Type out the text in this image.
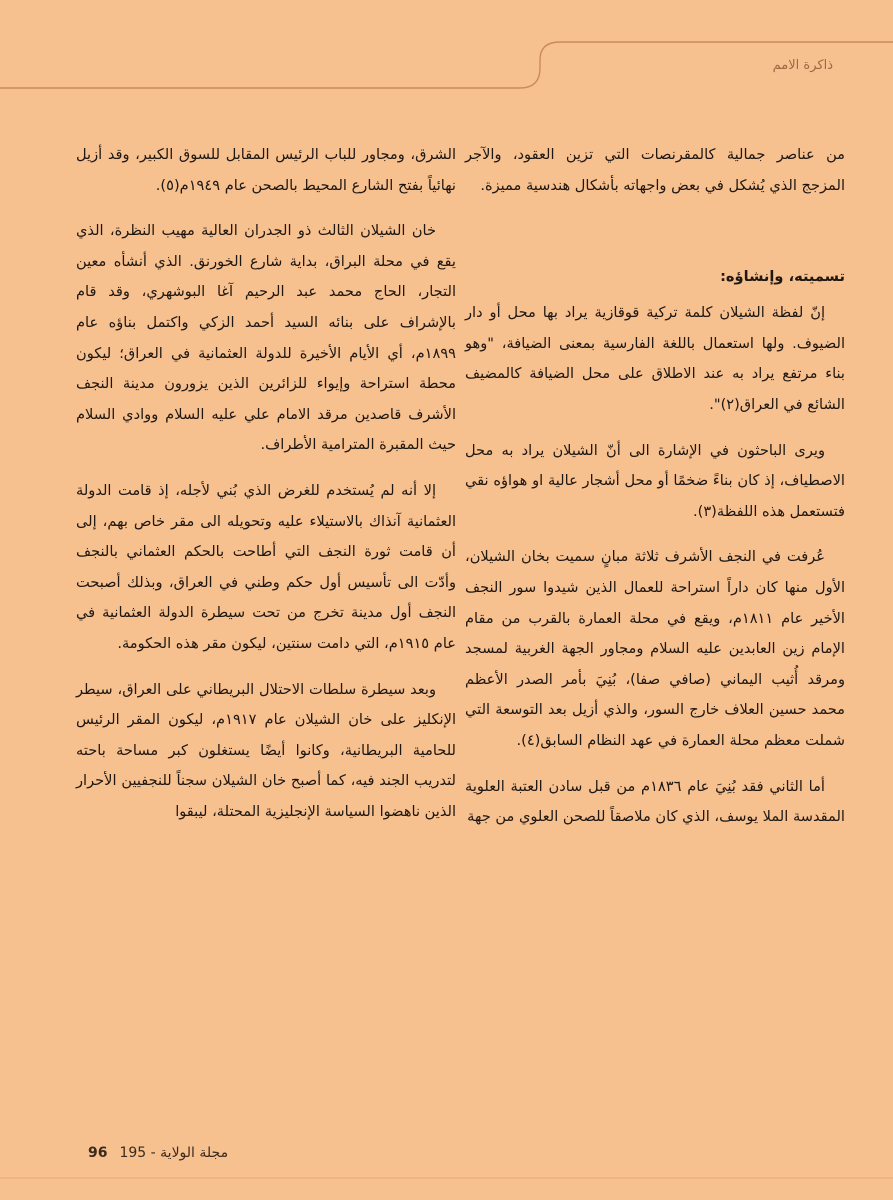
ذاكرة الامم

من عناصر جمالية كالمقرنصات التي تزين العقود، والآجر المزجج الذي يُشكل في بعض واجهاته بأشكال هندسية مميزة.

تسميته، وإنشاؤه:

إنّ لفظة الشيلان كلمة تركية قوقازية يراد بها محل أو دار الضيوف. ولها استعمال باللغة الفارسية بمعنى الضيافة، "وهو بناء مرتفع يراد به عند الاطلاق على محل الضيافة كالمضيف الشائع في العراق(٢)".

ويرى الباحثون في الإشارة الى أنّ الشيلان يراد به محل الاصطياف، إذ كان بناءً ضخمًا أو محل أشجار عالية او هواؤه نقي فتستعمل هذه اللفظة(٣).

عُرفت في النجف الأشرف ثلاثة مبانٍ سميت بخان الشيلان، الأول منها كان داراً استراحة للعمال الذين شيدوا سور النجف الأخير عام ١٨١١م، ويقع في محلة العمارة بالقرب من مقام الإمام زين العابدين عليه السلام ومجاور الجهة الغربية لمسجد ومرقد أُثيب اليماني (صافي صفا)، بُنِيَ بأمر الصدر الأعظم محمد حسين العلاف خارج السور، والذي أزيل بعد التوسعة التي شملت معظم محلة العمارة في عهد النظام السابق(٤).

أما الثاني فقد بُنِيَ عام ١٨٣٦م من قبل سادن العتبة العلوية المقدسة الملا يوسف، الذي كان ملاصقاً للصحن العلوي من جهة

الشرق، ومجاور للباب الرئيس المقابل للسوق الكبير، وقد أزيل نهائياً بفتح الشارع المحيط بالصحن عام ١٩٤٩م(٥).

خان الشيلان الثالث ذو الجدران العالية مهيب النظرة، الذي يقع في محلة البراق، بداية شارع الخورنق. الذي أنشأه معين التجار، الحاج محمد عبد الرحيم آغا البوشهري، وقد قام بالإشراف على بنائه السيد أحمد الزكي واكتمل بناؤه عام ١٨٩٩م، أي الأيام الأخيرة للدولة العثمانية في العراق؛ ليكون محطة استراحة وإيواء للزائرين الذين يزورون مدينة النجف الأشرف قاصدين مرقد الامام علي عليه السلام ووادي السلام حيث المقبرة المترامية الأطراف.

إلا أنه لم يُستخدم للغرض الذي بُني لأجله، إذ قامت الدولة العثمانية آنذاك بالاستيلاء عليه وتحويله الى مقر خاص بهم، إلى أن قامت ثورة النجف التي أطاحت بالحكم العثماني بالنجف وأدّت الى تأسيس أول حكم وطني في العراق، وبذلك أصبحت النجف أول مدينة تخرج من تحت سيطرة الدولة العثمانية في عام ١٩١٥م، التي دامت سنتين، ليكون مقر هذه الحكومة.

وبعد سيطرة سلطات الاحتلال البريطاني على العراق، سيطر الإنكليز على خان الشيلان عام ١٩١٧م، ليكون المقر الرئيس للحامية البريطانية، وكانوا أيضًا يستغلون كبر مساحة باحته لتدريب الجند فيه، كما أصبح خان الشيلان سجناً للنجفيين الأحرار الذين ناهضوا السياسة الإنجليزية المحتلة، ليبقوا

96 مجلة الولاية - 195
